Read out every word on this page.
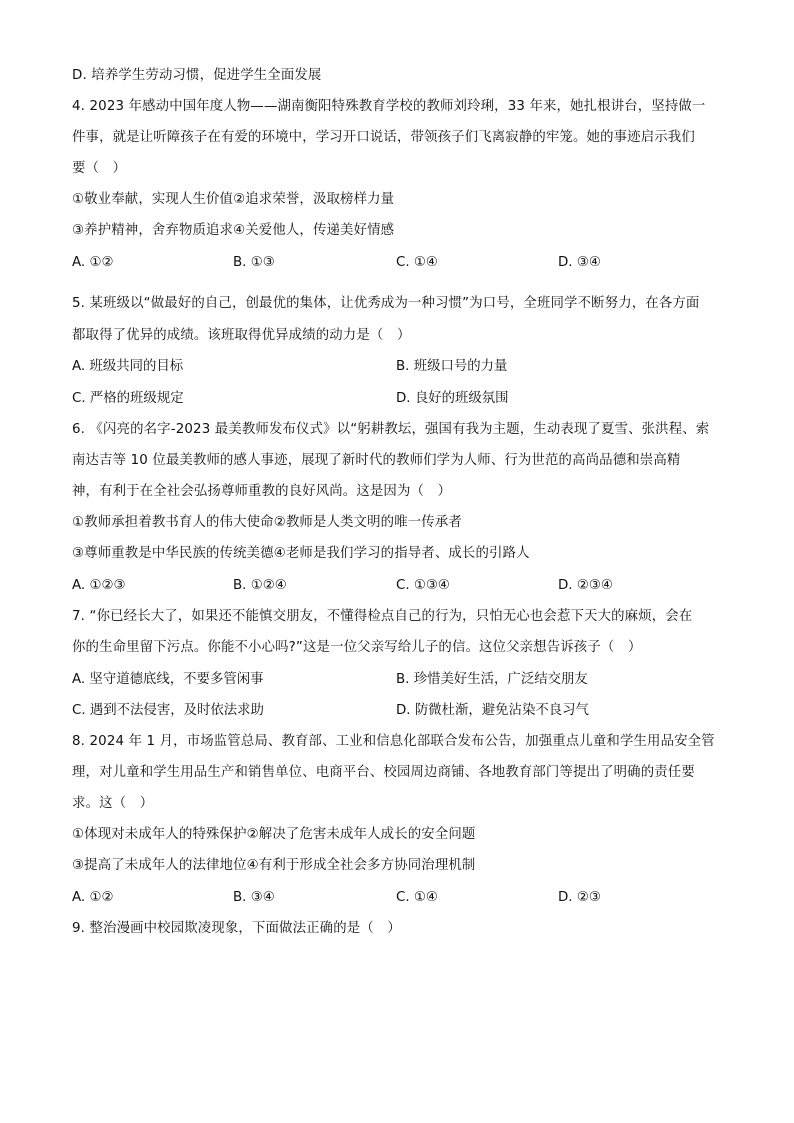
D. 培养学生劳动习惯，促进学生全面发展
4. 2023 年感动中国年度人物——湖南衡阳特殊教育学校的教师刘玲琍，33 年来，她扎根讲台，坚持做一
件事，就是让听障孩子在有爱的环境中，学习开口说话，带领孩子们飞离寂静的牢笼。她的事迹启示我们
要（　）
①敬业奉献，实现人生价值②追求荣誉，汲取榜样力量
③养护精神，舍弃物质追求④关爱他人，传递美好情感
A. ①②	B. ①③	C. ①④	D. ③④
5. 某班级以“做最好的自己，创最优的集体，让优秀成为一种习惯”为口号，全班同学不断努力，在各方面
都取得了优异的成绩。该班取得优异成绩的动力是（　）
A. 班级共同的目标	B. 班级口号的力量
C. 严格的班级规定	D. 良好的班级氛围
6. 《闪亮的名字-2023 最美教师发布仪式》以“躬耕教坛，强国有我为主题，生动表现了夏雪、张洪程、索
南达吉等 10 位最美教师的感人事迹，展现了新时代的教师们学为人师、行为世范的高尚品德和崇高精
神，有利于在全社会弘扬尊师重教的良好风尚。这是因为（　）
①教师承担着教书育人的伟大使命②教师是人类文明的唯一传承者
③尊师重教是中华民族的传统美德④老师是我们学习的指导者、成长的引路人
A. ①②③	B. ①②④	C. ①③④	D. ②③④
7. “你已经长大了，如果还不能慎交朋友，不懂得检点自己的行为，只怕无心也会惹下天大的麻烦，会在
你的生命里留下污点。你能不小心吗?”这是一位父亲写给儿子的信。这位父亲想告诉孩子（　）
A. 坚守道德底线，不要多管闲事	B. 珍惜美好生活，广泛结交朋友
C. 遇到不法侵害，及时依法求助	D. 防微杜渐，避免沾染不良习气
8. 2024 年 1 月，市场监管总局、教育部、工业和信息化部联合发布公告，加强重点儿童和学生用品安全管
理，对儿童和学生用品生产和销售单位、电商平台、校园周边商铺、各地教育部门等提出了明确的责任要
求。这（　）
①体现对未成年人的特殊保护②解决了危害未成年人成长的安全问题
③提高了未成年人的法律地位④有利于形成全社会多方协同治理机制
A. ①②	B. ③④	C. ①④	D. ②③
9. 整治漫画中校园欺凌现象，下面做法正确的是（　）
